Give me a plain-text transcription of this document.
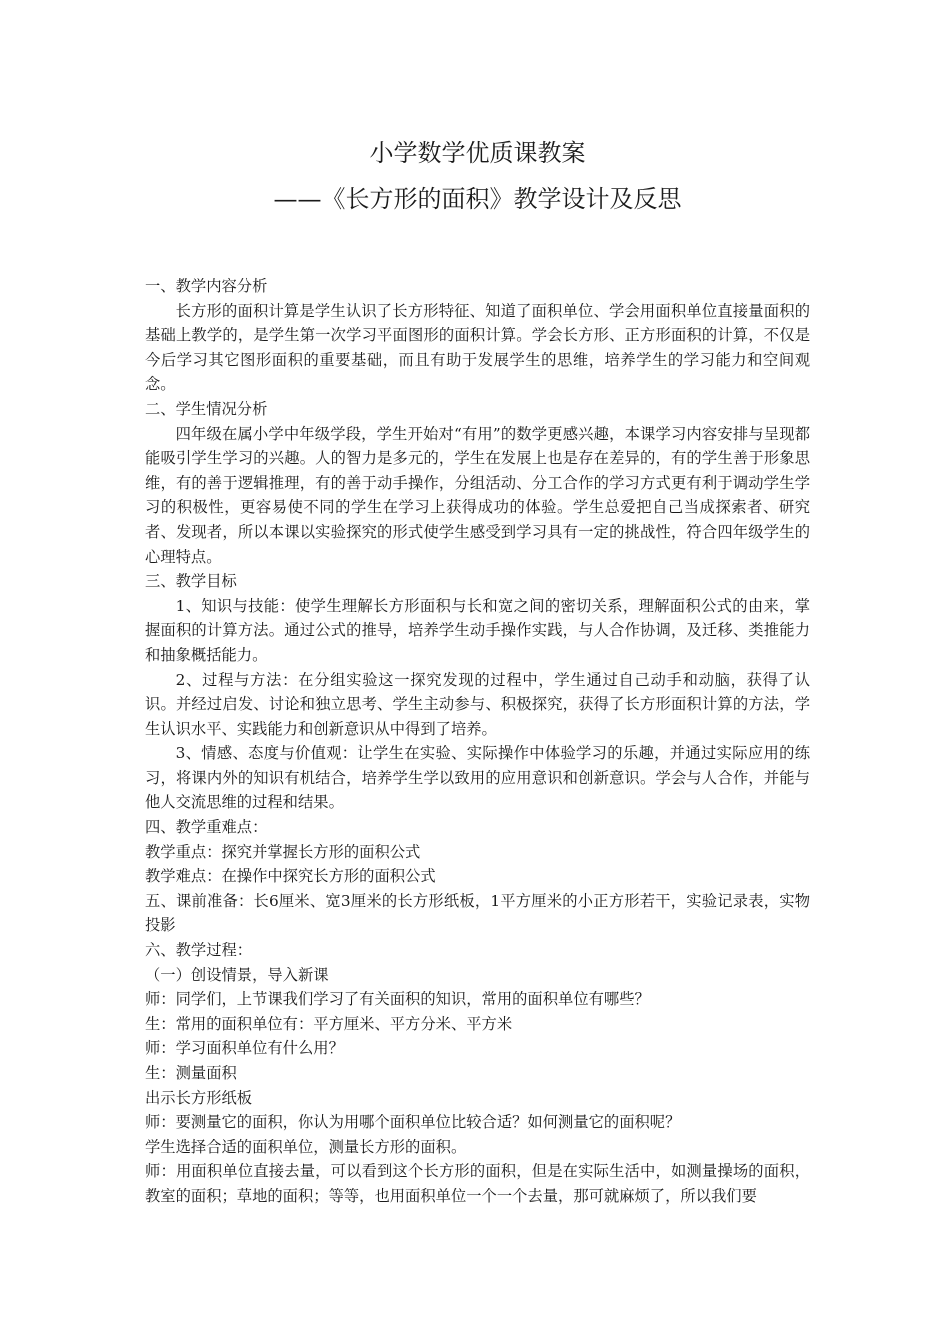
小学数学优质课教案
——《长方形的面积》教学设计及反思

一、教学内容分析

长方形的面积计算是学生认识了长方形特征、知道了面积单位、学会用面积单位直接量面积的基础上教学的，是学生第一次学习平面图形的面积计算。学会长方形、正方形面积的计算，不仅是今后学习其它图形面积的重要基础，而且有助于发展学生的思维，培养学生的学习能力和空间观念。

二、学生情况分析

四年级在属小学中年级学段，学生开始对“有用”的数学更感兴趣，本课学习内容安排与呈现都能吸引学生学习的兴趣。人的智力是多元的，学生在发展上也是存在差异的，有的学生善于形象思维，有的善于逻辑推理，有的善于动手操作，分组活动、分工合作的学习方式更有利于调动学生学习的积极性，更容易使不同的学生在学习上获得成功的体验。学生总爱把自己当成探索者、研究者、发现者，所以本课以实验探究的形式使学生感受到学习具有一定的挑战性，符合四年级学生的心理特点。

三、教学目标

1、知识与技能：使学生理解长方形面积与长和宽之间的密切关系，理解面积公式的由来，掌握面积的计算方法。通过公式的推导，培养学生动手操作实践，与人合作协调，及迁移、类推能力和抽象概括能力。

2、过程与方法：在分组实验这一探究发现的过程中，学生通过自己动手和动脑，获得了认识。并经过启发、讨论和独立思考、学生主动参与、积极探究，获得了长方形面积计算的方法，学生认识水平、实践能力和创新意识从中得到了培养。

3、情感、态度与价值观：让学生在实验、实际操作中体验学习的乐趣，并通过实际应用的练习，将课内外的知识有机结合，培养学生学以致用的应用意识和创新意识。学会与人合作，并能与他人交流思维的过程和结果。

四、教学重难点：

教学重点：探究并掌握长方形的面积公式

教学难点：在操作中探究长方形的面积公式

五、课前准备：长6厘米、宽3厘米的长方形纸板，1平方厘米的小正方形若干，实验记录表，实物投影

六、教学过程：

（一）创设情景，导入新课

师：同学们，上节课我们学习了有关面积的知识，常用的面积单位有哪些？

生：常用的面积单位有：平方厘米、平方分米、平方米

师：学习面积单位有什么用？

生：测量面积

出示长方形纸板

师：要测量它的面积，你认为用哪个面积单位比较合适？如何测量它的面积呢？

学生选择合适的面积单位，测量长方形的面积。

师：用面积单位直接去量，可以看到这个长方形的面积，但是在实际生活中，如测量操场的面积，教室的面积；草地的面积；等等，也用面积单位一个一个去量，那可就麻烦了，所以我们要
